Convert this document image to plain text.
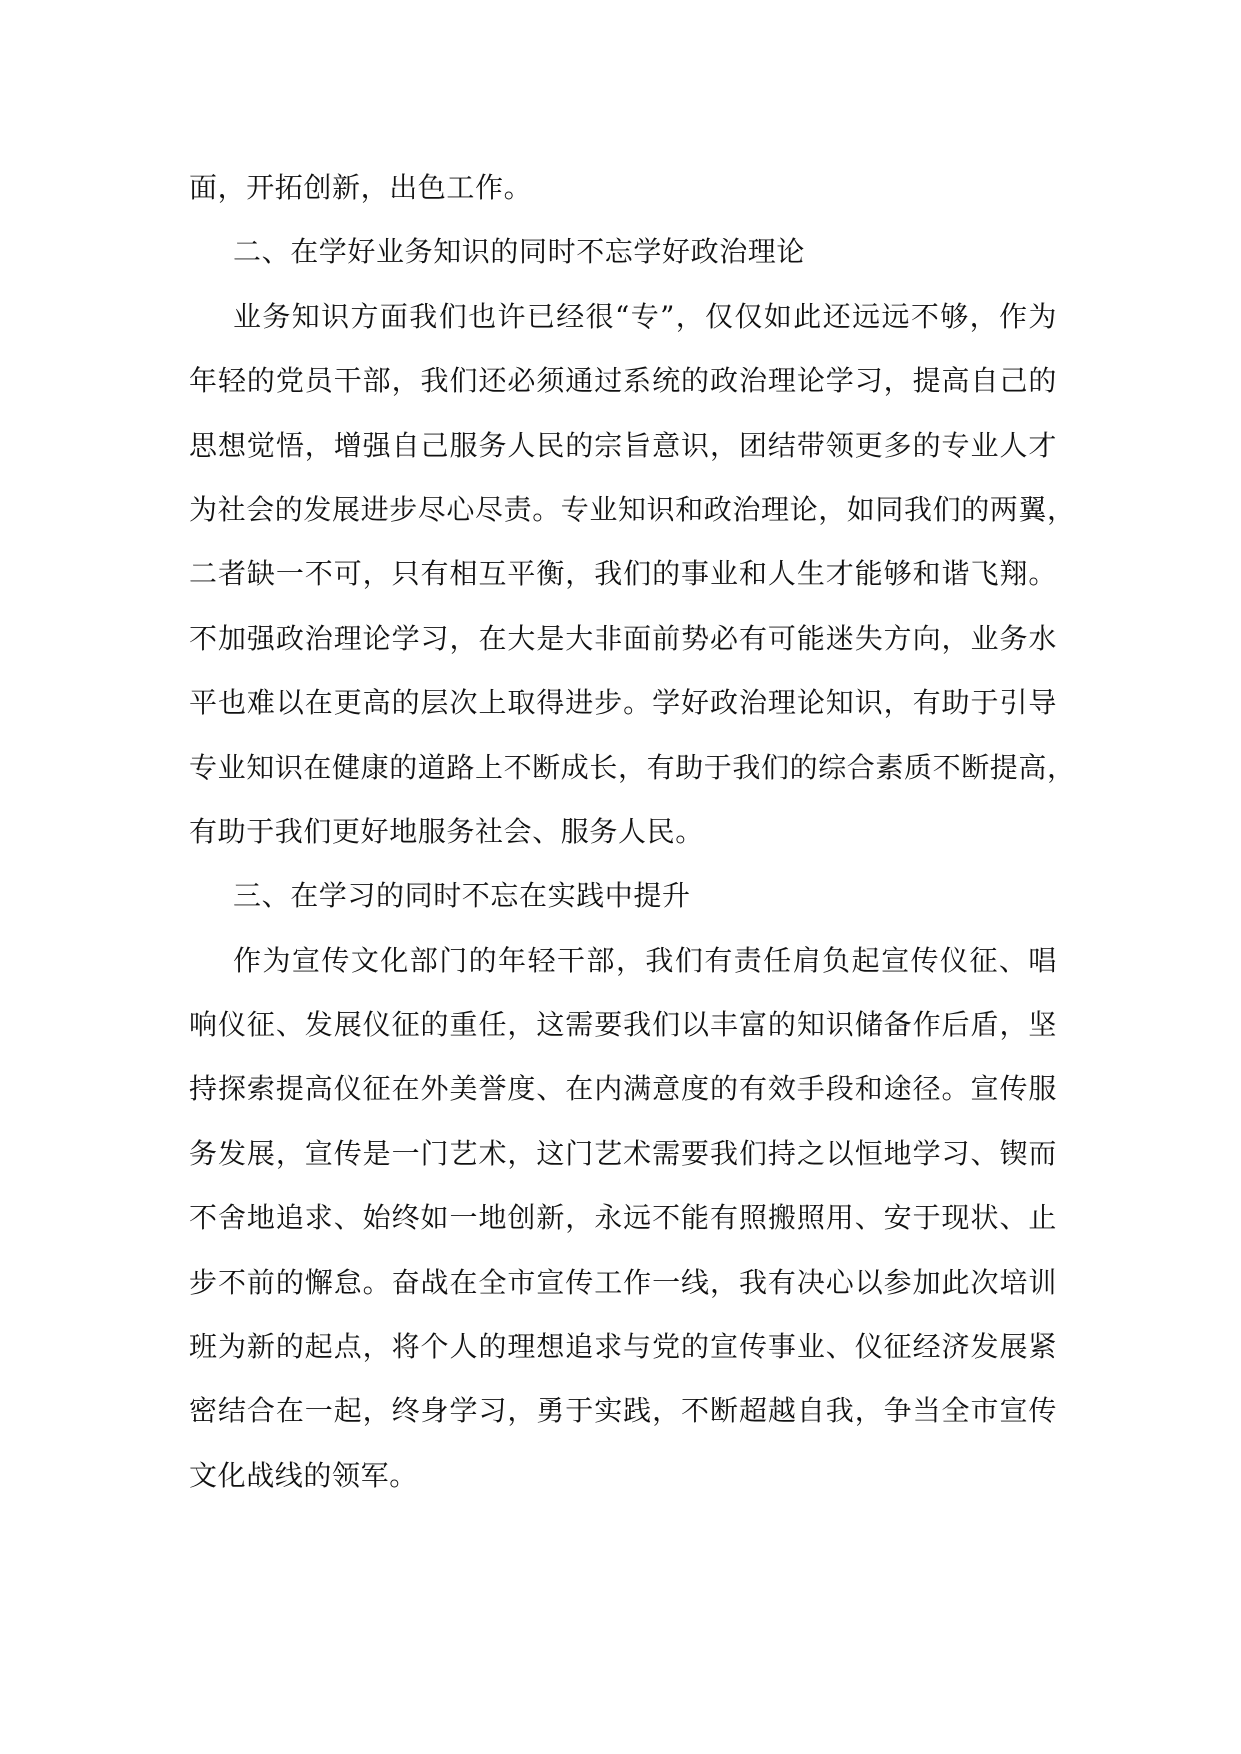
面，开拓创新，出色工作。
二、在学好业务知识的同时不忘学好政治理论
业务知识方面我们也许已经很“专”，仅仅如此还远远不够，作为
年轻的党员干部，我们还必须通过系统的政治理论学习，提高自己的
思想觉悟，增强自己服务人民的宗旨意识，团结带领更多的专业人才
为社会的发展进步尽心尽责。专业知识和政治理论，如同我们的两翼，
二者缺一不可，只有相互平衡，我们的事业和人生才能够和谐飞翔。
不加强政治理论学习，在大是大非面前势必有可能迷失方向，业务水
平也难以在更高的层次上取得进步。学好政治理论知识，有助于引导
专业知识在健康的道路上不断成长，有助于我们的综合素质不断提高，
有助于我们更好地服务社会、服务人民。
三、在学习的同时不忘在实践中提升
作为宣传文化部门的年轻干部，我们有责任肩负起宣传仪征、唱
响仪征、发展仪征的重任，这需要我们以丰富的知识储备作后盾，坚
持探索提高仪征在外美誉度、在内满意度的有效手段和途径。宣传服
务发展，宣传是一门艺术，这门艺术需要我们持之以恒地学习、锲而
不舍地追求、始终如一地创新，永远不能有照搬照用、安于现状、止
步不前的懈怠。奋战在全市宣传工作一线，我有决心以参加此次培训
班为新的起点，将个人的理想追求与党的宣传事业、仪征经济发展紧
密结合在一起，终身学习，勇于实践，不断超越自我，争当全市宣传
文化战线的领军。
